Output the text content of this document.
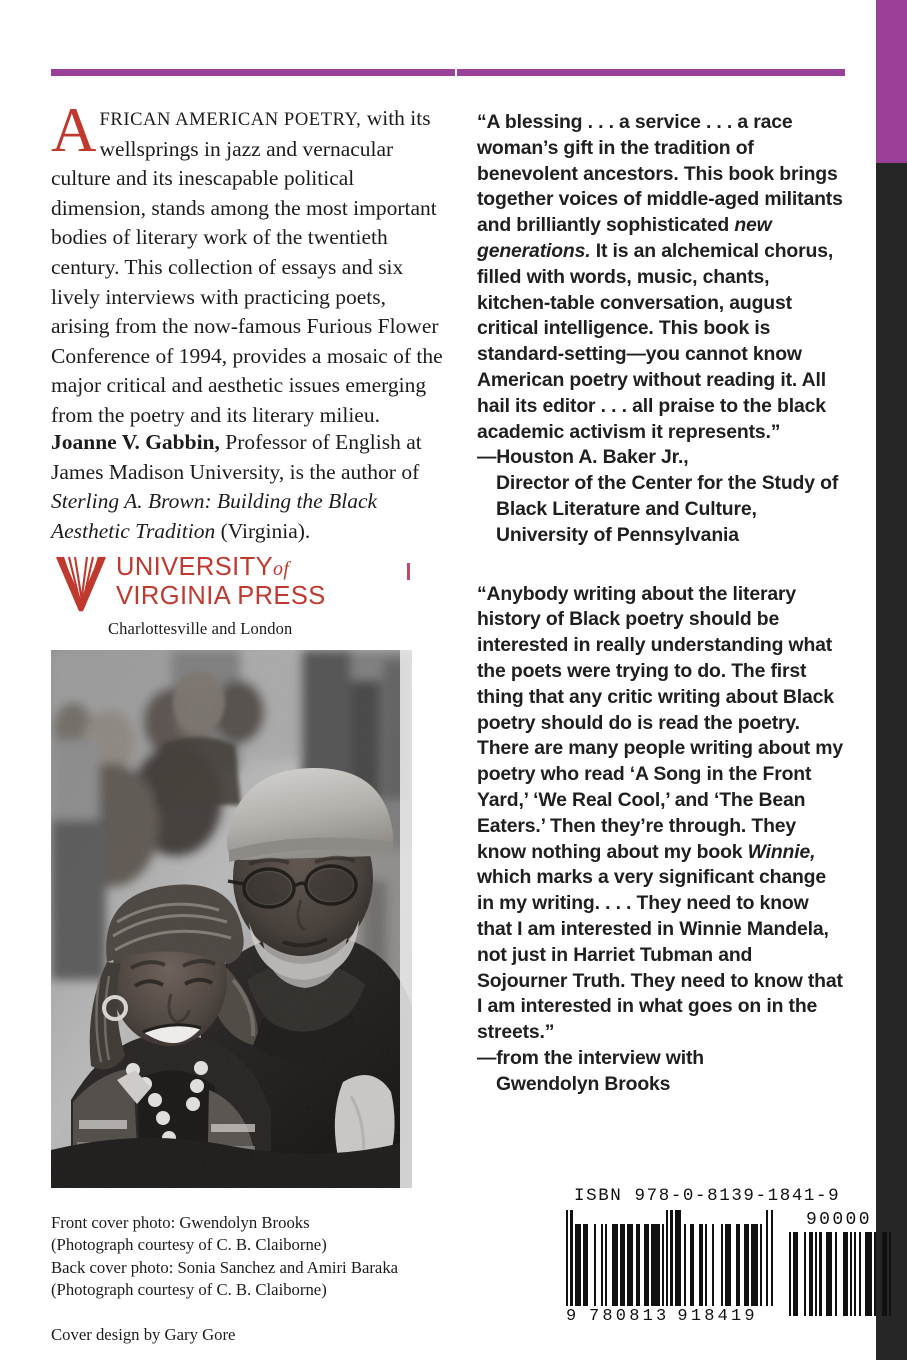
AFRICAN AMERICAN POETRY, with its wellsprings in jazz and vernacular culture and its inescapable political dimension, stands among the most important bodies of literary work of the twentieth century. This collection of essays and six lively interviews with practicing poets, arising from the now-famous Furious Flower Conference of 1994, provides a mosaic of the major critical and aesthetic issues emerging from the poetry and its literary milieu.

Joanne V. Gabbin, Professor of English at James Madison University, is the author of Sterling A. Brown: Building the Black Aesthetic Tradition (Virginia).
UNIVERSITYof
VIRGINIA PRESS
Charlottesville and London
Front cover photo: Gwendolyn Brooks
(Photograph courtesy of C. B. Claiborne)
Back cover photo: Sonia Sanchez and Amiri Baraka
(Photograph courtesy of C. B. Claiborne)
Cover design by Gary Gore
“A blessing . . . a service . . . a race woman’s gift in the tradition of benevolent ancestors. This book brings together voices of middle-aged militants and brilliantly sophisticated new generations. It is an alchemical chorus, filled with words, music, chants, kitchen-table conversation, august critical intelligence. This book is standard-setting—you cannot know American poetry without reading it. All hail its editor . . . all praise to the black academic activism it represents.”
—Houston A. Baker Jr.,
Director of the Center for the Study of Black Literature and Culture, University of Pennsylvania
“Anybody writing about the literary history of Black poetry should be interested in really understanding what the poets were trying to do. The first thing that any critic writing about Black poetry should do is read the poetry. There are many people writing about my poetry who read ‘A Song in the Front Yard,’ ‘We Real Cool,’ and ‘The Bean Eaters.’ Then they’re through. They know nothing about my book Winnie, which marks a very significant change in my writing. . . . They need to know that I am interested in Winnie Mandela, not just in Harriet Tubman and Sojourner Truth. They need to know that I am interested in what goes on in the streets.”
—from the interview with
Gwendolyn Brooks
ISBN 978-0-8139-1841-9
9 780813 918419
90000
